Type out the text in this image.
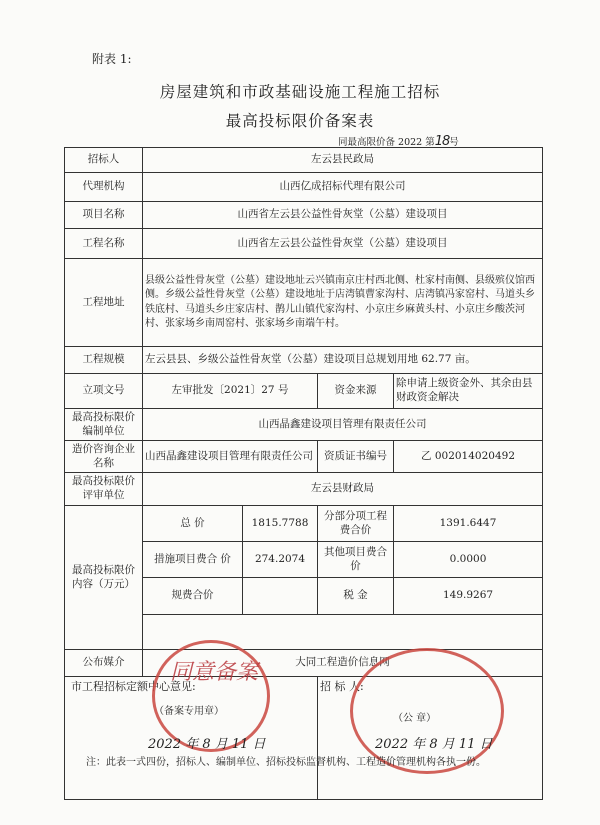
附表 1:
房屋建筑和市政基础设施工程施工招标
最高投标限价备案表
同最高限价备 2022 第18号
招标人	左云县民政局			
代理机构	山西亿成招标代理有限公司			
项目名称	山西省左云县公益性骨灰堂（公墓）建设项目			
工程名称	山西省左云县公益性骨灰堂（公墓）建设项目			
工程地址	县级公益性骨灰堂（公墓）建设地址云兴镇南京庄村西北侧、杜家村南侧、县级殡仪馆西侧。乡级公益性骨灰堂（公墓）建设地址于店湾镇曹家沟村、店湾镇冯家窑村、马道头乡铁底村、马道头乡庄家店村、鹊儿山镇代家沟村、小京庄乡麻黄头村、小京庄乡酸茨河村、张家场乡南周窑村、张家场乡南端午村。			
工程规模	左云县县、乡级公益性骨灰堂（公墓）建设项目总规划用地 62.77 亩。			
立项文号	左审批发〔2021〕27 号		资金来源	除申请上级资金外、其余由县财政资金解决
最高投标限价编制单位	山西晶鑫建设项目管理有限责任公司			
造价咨询企业名称	山西晶鑫建设项目管理有限责任公司		资质证书编号	乙 002014020492
最高投标限价评审单位	左云县财政局			
最高投标限价内容（万元）	总 价	1815.7788	分部分项工程费合价	1391.6447
	措施项目费合 价	274.2074	其他项目费合价	0.0000
	规费合价		税 金	149.9267

公布媒介	大同工程造价信息网			

市工程招标定额中心意见:			招 标 人:	
同意备案
（备案专用章）
2022 年 8 月 11 日
（公 章）
2022 年 8 月 11 日
注：此表一式四份，招标人、编制单位、招标投标监督机构、工程造价管理机构各执一份。
